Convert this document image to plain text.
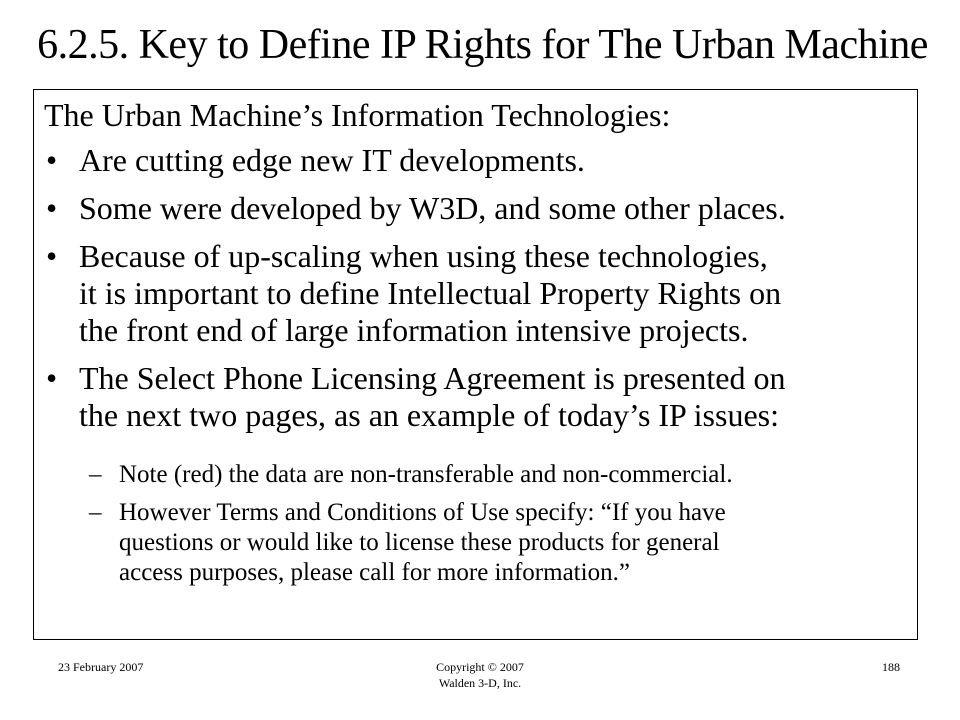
6.2.5. Key to Define IP Rights for The Urban Machine
The Urban Machine’s Information Technologies:
• Are cutting edge new IT developments.
• Some were developed by W3D, and some other places.
• Because of up-scaling when using these technologies,
it is important to define Intellectual Property Rights on
the front end of large information intensive projects.
• The Select Phone Licensing Agreement is presented on
the next two pages, as an example of today’s IP issues:
– Note (red) the data are non-transferable and non-commercial.
– However Terms and Conditions of Use specify: “If you have
questions or would like to license these products for general
access purposes, please call for more information.”
23 February 2007	Copyright © 2007
Walden 3-D, Inc.
188
